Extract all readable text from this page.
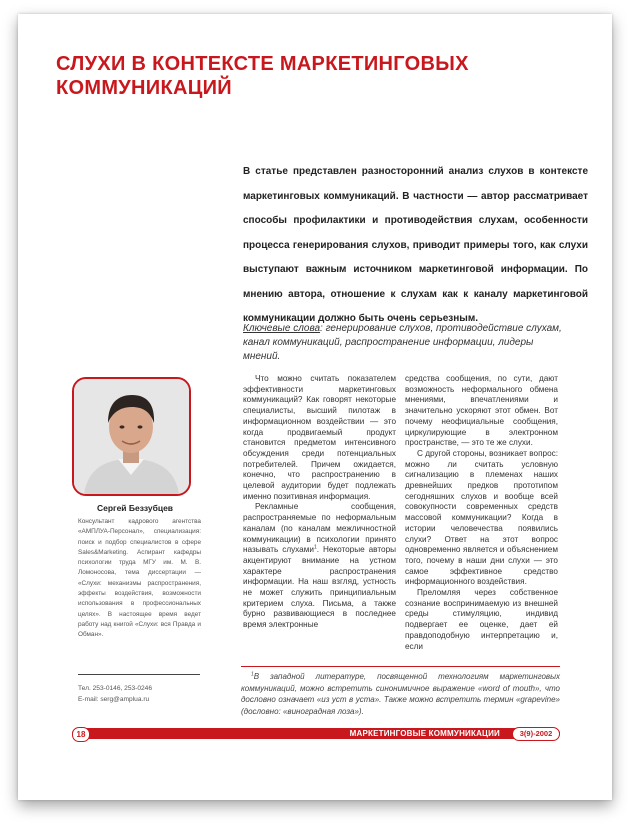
СЛУХИ В КОНТЕКСТЕ МАРКЕТИНГОВЫХ КОММУНИКАЦИЙ

В статье представлен разносторонний анализ слухов в контексте маркетинговых коммуникаций. В частности — автор рассматривает способы профилактики и противодействия слухам, особенности процесса генерирования слухов, приводит примеры того, как слухи выступают важным источником маркетинговой информации. По мнению автора, отношение к слухам как к каналу маркетинговой коммуникации должно быть очень серьезным.

Ключевые слова: генерирование слухов, противодействие слухам, канал коммуникаций, распространение информации, лидеры мнений.

Сергей Беззубцев

Консультант кадрового агентства «АМПЛУА-Персонал», специализация: поиск и подбор специалистов в сфере Sales&Marketing. Аспирант кафедры психологии труда МГУ им. М. В. Ломоносова, тема диссертации — «Слухи: механизмы распространения, эффекты воздействия, возможности использования в профессиональных целях». В настоящее время ведет работу над книгой «Слухи: вся Правда и Обман».

Тел. 253-0146, 253-0246
E-mail: serg@amplua.ru

Что можно считать показателем эффективности маркетинговых коммуникаций? Как говорят некоторые специалисты, высший пилотаж в информационном воздействии — это когда продвигаемый продукт становится предметом интенсивного обсуждения среди потенциальных потребителей. Причем ожидается, конечно, что распространению в целевой аудитории будет подлежать именно позитивная информация.

Рекламные сообщения, распространяемые по неформальным каналам (по каналам межличностной коммуникации) в психологии принято называть слухами$^1$. Некоторые авторы акцентируют внимание на устном характере распространения информации. На наш взгляд, устность не может служить принципиальным критерием слуха. Письма, а также бурно развивающиеся в последнее время электронные

средства сообщения, по сути, дают возможность неформального обмена мнениями, впечатлениями и значительно ускоряют этот обмен. Вот почему неофициальные сообщения, циркулирующие в электронном пространстве, — это те же слухи.

С другой стороны, возникает вопрос: можно ли считать условную сигнализацию в племенах наших древнейших предков прототипом сегодняшних слухов и вообще всей совокупности современных средств массовой коммуникации? Когда в истории человечества появились слухи? Ответ на этот вопрос одновременно является и объяснением того, почему в наши дни слухи — это самое эффективное средство информационного воздействия.

Преломляя через собственное сознание воспринимаемую из внешней среды стимуляцию, индивид подвергает ее оценке, дает ей правдоподобную интерпретацию и, если

$^1$В западной литературе, посвященной технологиям маркетинговых коммуникаций, можно встретить синонимичное выражение «word of mouth», что дословно означает «из уст в уста». Также можно встретить термин «grapevine» (дословно: «виноградная лоза»).
18	МАРКЕТИНГОВЫЕ КОММУНИКАЦИИ	3(9)-2002
